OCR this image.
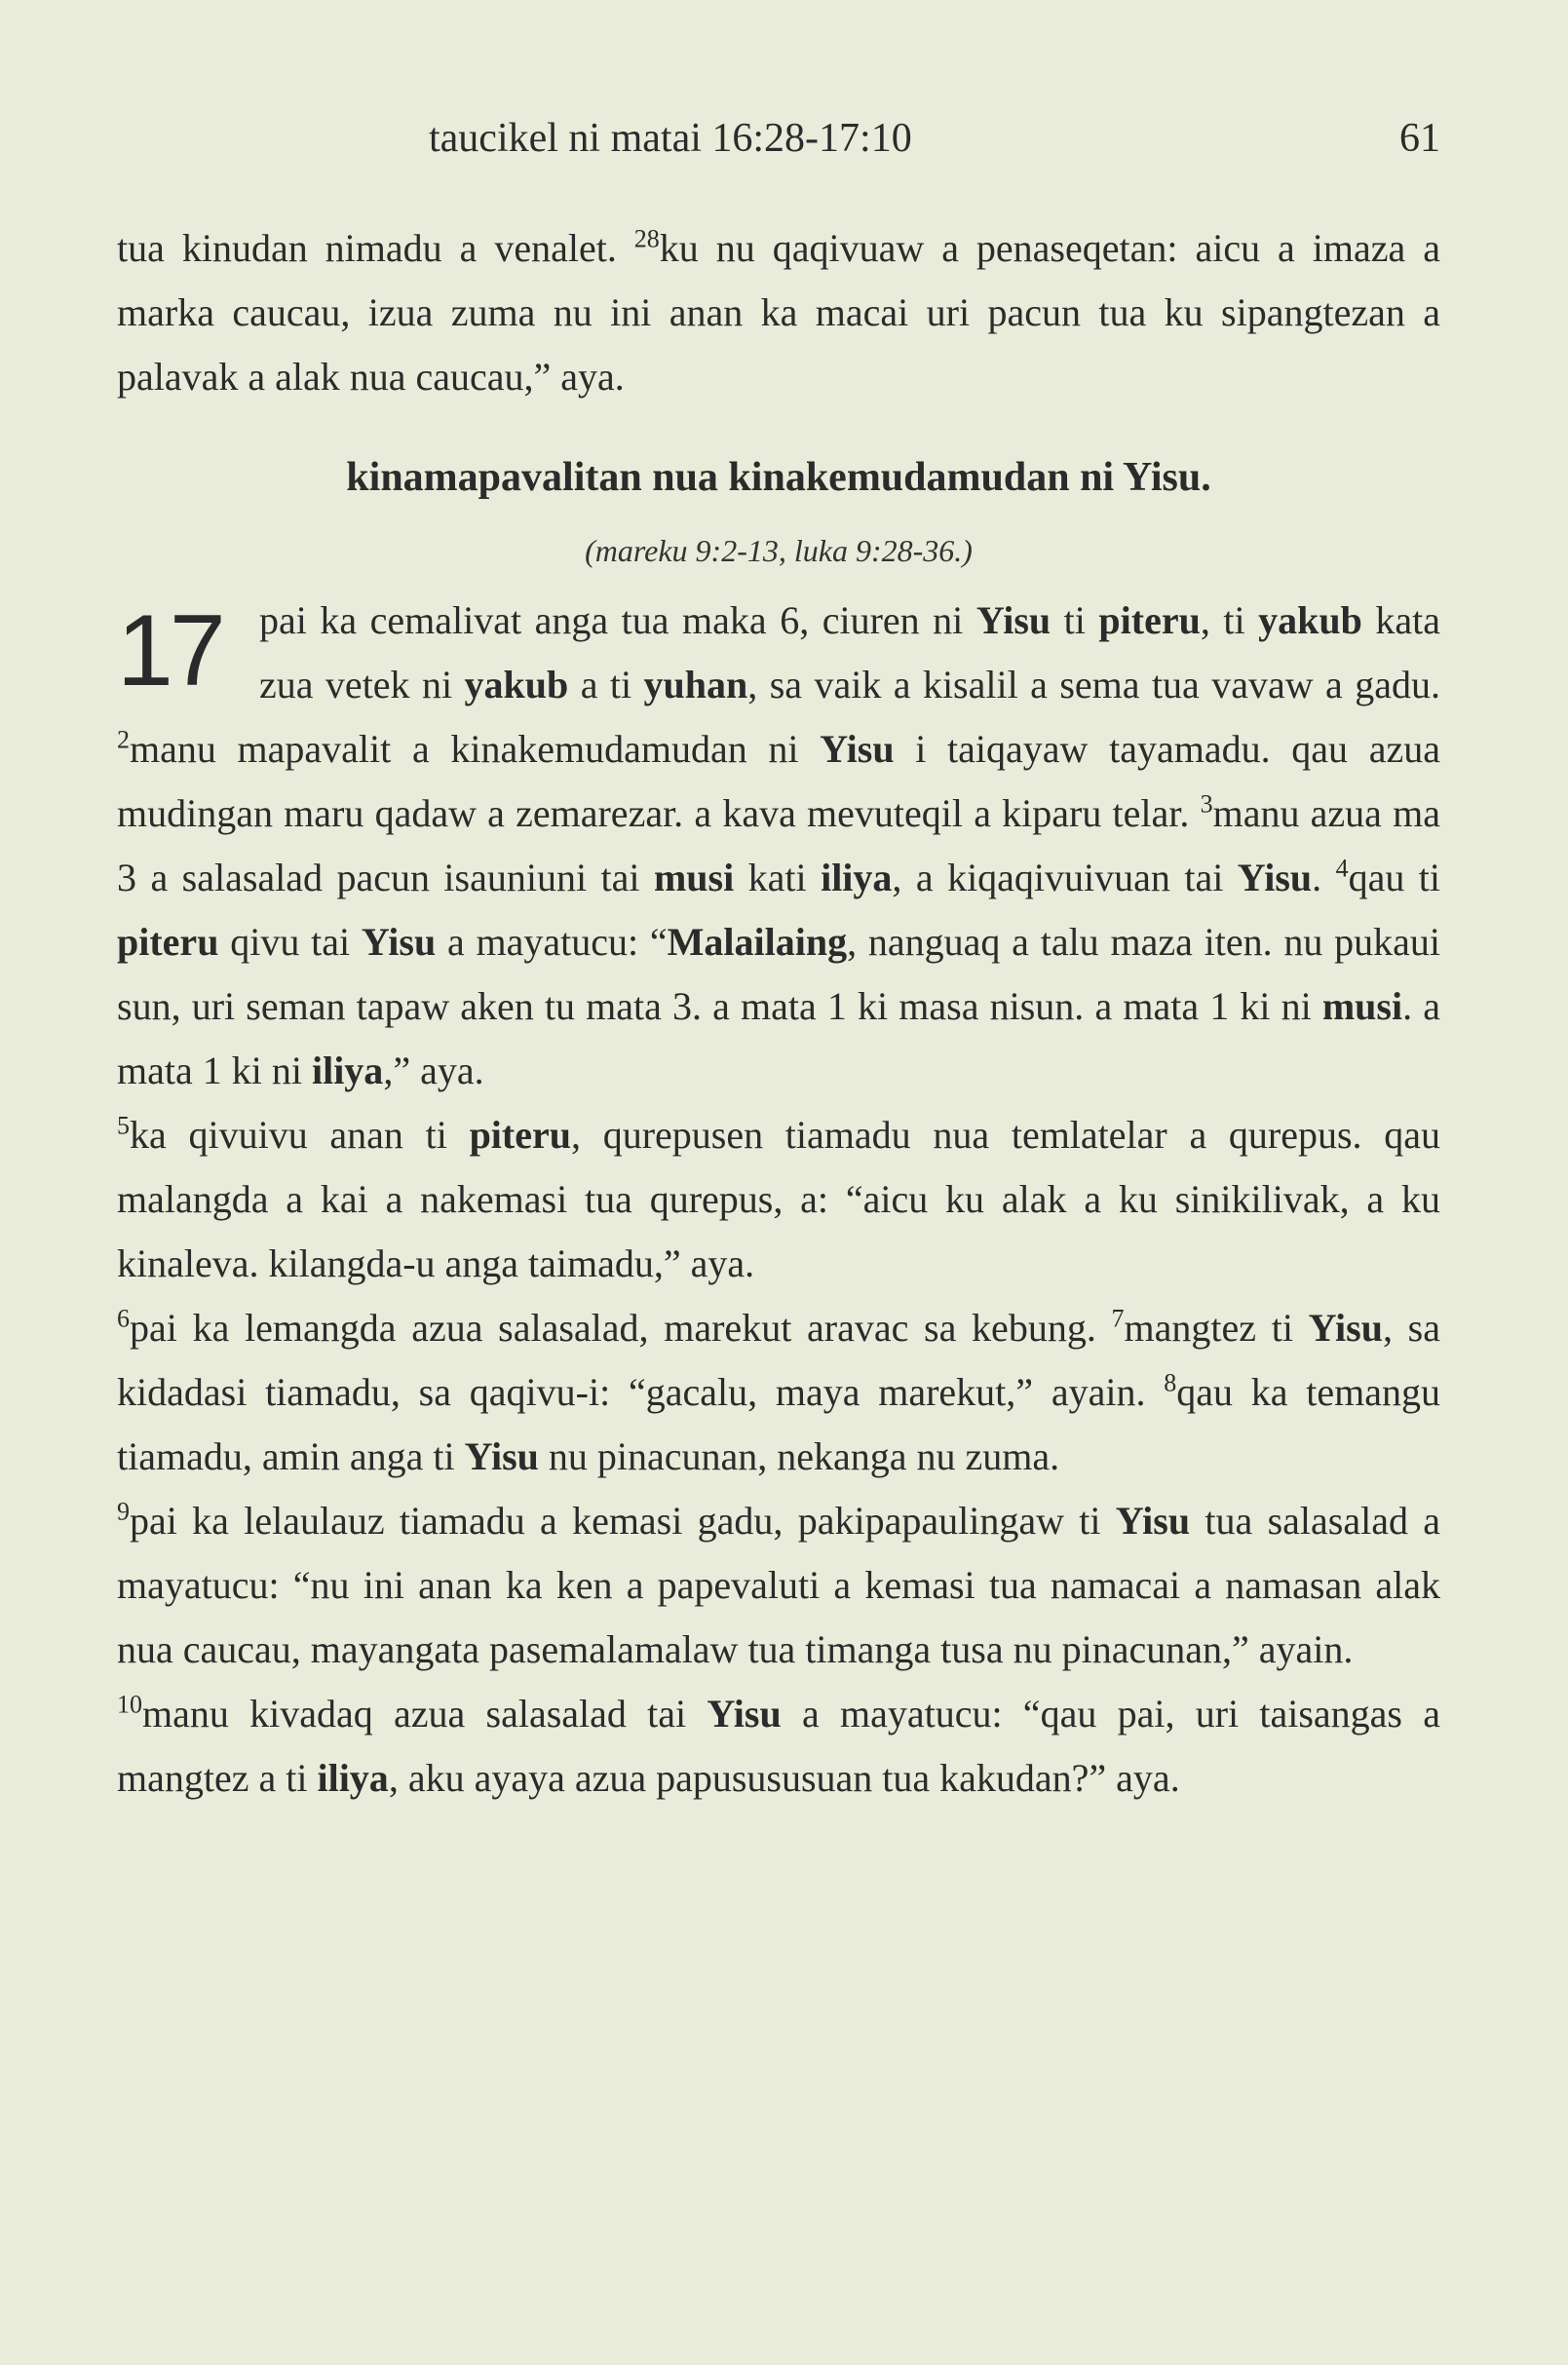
taucikel ni matai 16:28-17:10	61

tua kinudan nimadu a venalet. $^{28}$ku nu qaqivuaw a penaseqetan: aicu a imaza a marka caucau, izua zuma nu ini anan ka macai uri pacun tua ku sipangtezan a palavak a alak nua caucau,” aya.

kinamapavalitan nua kinakemudamudan ni Yisu.

(mareku 9:2-13, luka 9:28-36.)

17 pai ka cemalivat anga tua maka 6, ciuren ni Yisu ti piteru, ti yakub kata zua vetek ni yakub a ti yuhan, sa vaik a kisalil a sema tua vavaw a gadu. $^2$manu mapavalit a kinakemudamudan ni Yisu i taiqayaw tayamadu. qau azua mudingan maru qadaw a zemarezar. a kava mevuteqil a kiparu telar. $^3$manu azua ma 3 a salasalad pacun isauniuni tai musi kati iliya, a kiqaqivuivuan tai Yisu. $^4$qau ti piteru qivu tai Yisu a mayatucu: “Malailaing, nanguaq a talu maza iten. nu pukaui sun, uri seman tapaw aken tu mata 3. a mata 1 ki masa nisun. a mata 1 ki ni musi. a mata 1 ki ni iliya,” aya.

$^5$ka qivuivu anan ti piteru, qurepusen tiamadu nua temlatelar a qurepus. qau malangda a kai a nakemasi tua qurepus, a: “aicu ku alak a ku sinikilivak, a ku kinaleva. kilangda-u anga taimadu,” aya.

$^6$pai ka lemangda azua salasalad, marekut aravac sa kebung. $^7$mangtez ti Yisu, sa kidadasi tiamadu, sa qaqivu-i: “gacalu, maya marekut,” ayain. $^8$qau ka temangu tiamadu, amin anga ti Yisu nu pinacunan, nekanga nu zuma.

$^9$pai ka lelaulauz tiamadu a kemasi gadu, pakipapaulingaw ti Yisu tua salasalad a mayatucu: “nu ini anan ka ken a papevaluti a kemasi tua namacai a namasan alak nua caucau, mayangata pasemalamalaw tua timanga tusa nu pinacunan,” ayain.

$^{10}$manu kivadaq azua salasalad tai Yisu a mayatucu: “qau pai, uri taisangas a mangtez a ti iliya, aku ayaya azua papusususuan tua kakudan?” aya.
